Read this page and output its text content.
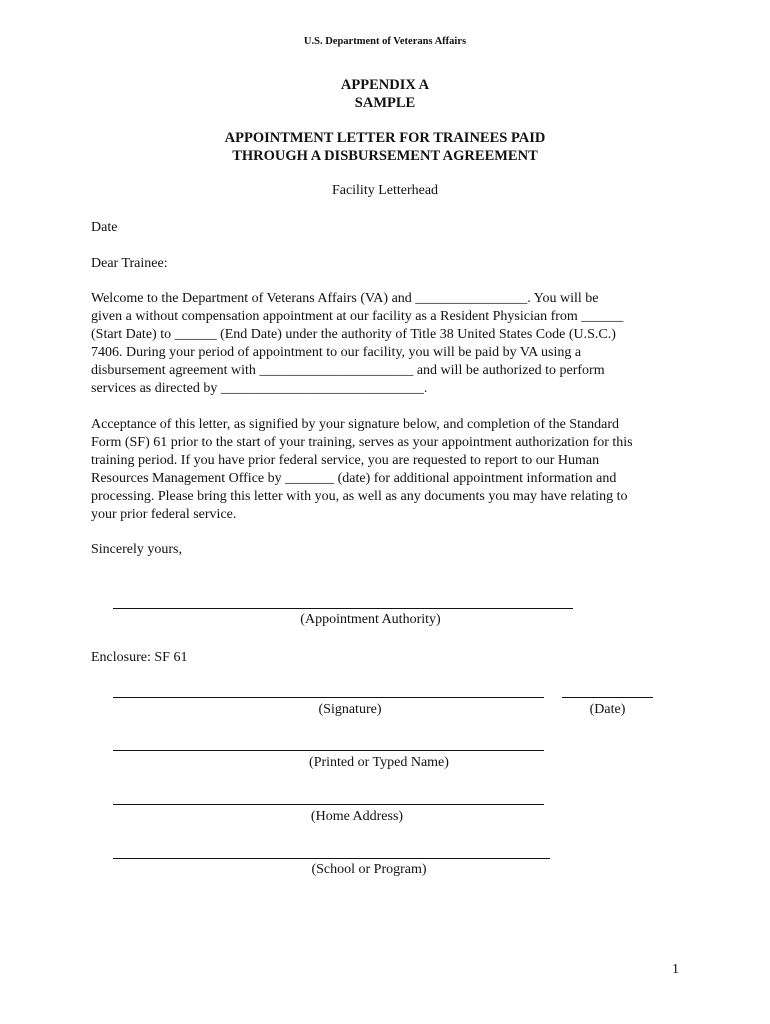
U.S. Department of Veterans Affairs
APPENDIX A
SAMPLE
APPOINTMENT LETTER FOR TRAINEES PAID
THROUGH A DISBURSEMENT AGREEMENT
Facility Letterhead
Date
Dear Trainee:
Welcome to the Department of Veterans Affairs (VA) and ________________. You will be
given a without compensation appointment at our facility as a Resident Physician from ______
(Start Date) to ______ (End Date) under the authority of Title 38 United States Code (U.S.C.)
7406. During your period of appointment to our facility, you will be paid by VA using a
disbursement agreement with ______________________ and will be authorized to perform
services as directed by _____________________________.
Acceptance of this letter, as signified by your signature below, and completion of the Standard
Form (SF) 61 prior to the start of your training, serves as your appointment authorization for this
training period. If you have prior federal service, you are requested to report to our Human
Resources Management Office by _______ (date) for additional appointment information and
processing. Please bring this letter with you, as well as any documents you may have relating to
your prior federal service.
Sincerely yours,
(Appointment Authority)
Enclosure: SF 61
(Signature)	(Date)
(Printed or Typed Name)
(Home Address)
(School or Program)
1
